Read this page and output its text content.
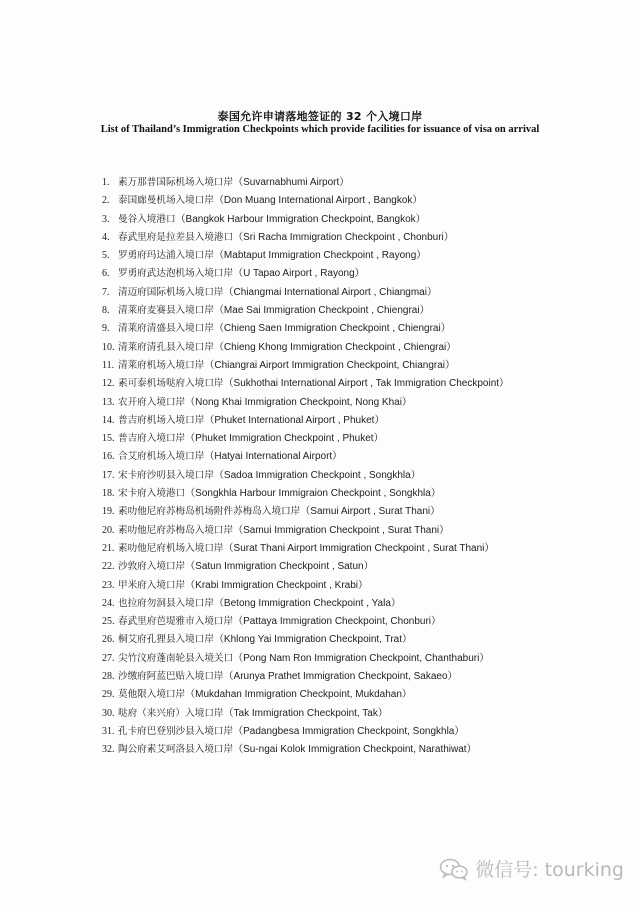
泰国允许申请落地签证的 32 个入境口岸
List of Thailand’s Immigration Checkpoints which provide facilities for issuance of visa on arrival
1. 素万那普国际机场入境口岸（Suvarnabhumi Airport）
2. 泰国廊曼机场入境口岸（Don Muang International Airport , Bangkok）
3. 曼谷入境港口（Bangkok Harbour Immigration Checkpoint, Bangkok）
4. 春武里府是拉差县入境港口（Sri Racha Immigration Checkpoint , Chonburi）
5. 罗勇府玛达浦入境口岸（Mabtaput Immigration Checkpoint , Rayong）
6. 罗勇府武达泡机场入境口岸（U Tapao Airport , Rayong）
7. 清迈府国际机场入境口岸（Chiangmai International Airport , Chiangmai）
8. 清莱府麦赛县入境口岸（Mae Sai Immigration Checkpoint , Chiengrai）
9. 清莱府清盛县入境口岸（Chieng Saen Immigration Checkpoint , Chiengrai）
10. 清莱府清孔县入境口岸（Chieng Khong Immigration Checkpoint , Chiengrai）
11. 清莱府机场入境口岸（Chiangrai Airport Immigration Checkpoint, Chiangrai）
12. 素可泰机场哒府入境口岸（Sukhothai International Airport , Tak Immigration Checkpoint）
13. 农开府入境口岸（Nong Khai Immigration Checkpoint, Nong Khai）
14. 普吉府机场入境口岸（Phuket International Airport , Phuket）
15. 普吉府入境口岸（Phuket Immigration Checkpoint , Phuket）
16. 合艾府机场入境口岸（Hatyai International Airport）
17. 宋卡府沙叨县入境口岸（Sadoa Immigration Checkpoint , Songkhla）
18. 宋卡府入境港口（Songkhla Harbour Immigraion Checkpoint , Songkhla）
19. 素叻他尼府苏梅岛机场附件苏梅岛入境口岸（Samui Airport , Surat Thani）
20. 素叻他尼府苏梅岛入境口岸（Samui Immigration Checkpoint , Surat Thani）
21. 素叻他尼府机场入境口岸（Surat Thani Airport Immigration Checkpoint , Surat Thani）
22. 沙敦府入境口岸（Satun Immigration Checkpoint , Satun）
23. 甲米府入境口岸（Krabi Immigration Checkpoint , Krabi）
24. 也拉府勿洞县入境口岸（Betong Immigration Checkpoint , Yala）
25. 春武里府芭堤雅市入境口岸（Pattaya Immigration Checkpoint, Chonburi）
26. 桐艾府孔狸县入境口岸（Khlong Yai Immigration Checkpoint, Trat）
27. 尖竹汶府蓬南轮县入境关口（Pong Nam Ron Immigration Checkpoint, Chanthaburi）
28. 沙缴府阿蓝巴贴入境口岸（Arunya Prathet Immigration Checkpoint, Sakaeo）
29. 莫他限入境口岸（Mukdahan Immigration Checkpoint, Mukdahan）
30. 哒府（来兴府）入境口岸（Tak Immigration Checkpoint, Tak）
31. 孔卡府巴登别沙县入境口岸（Padangbesa Immigration Checkpoint, Songkhla）
32. 陶公府素艾呵洛县入境口岸（Su-ngai Kolok Immigration Checkpoint, Narathiwat）
微信号: tourking
